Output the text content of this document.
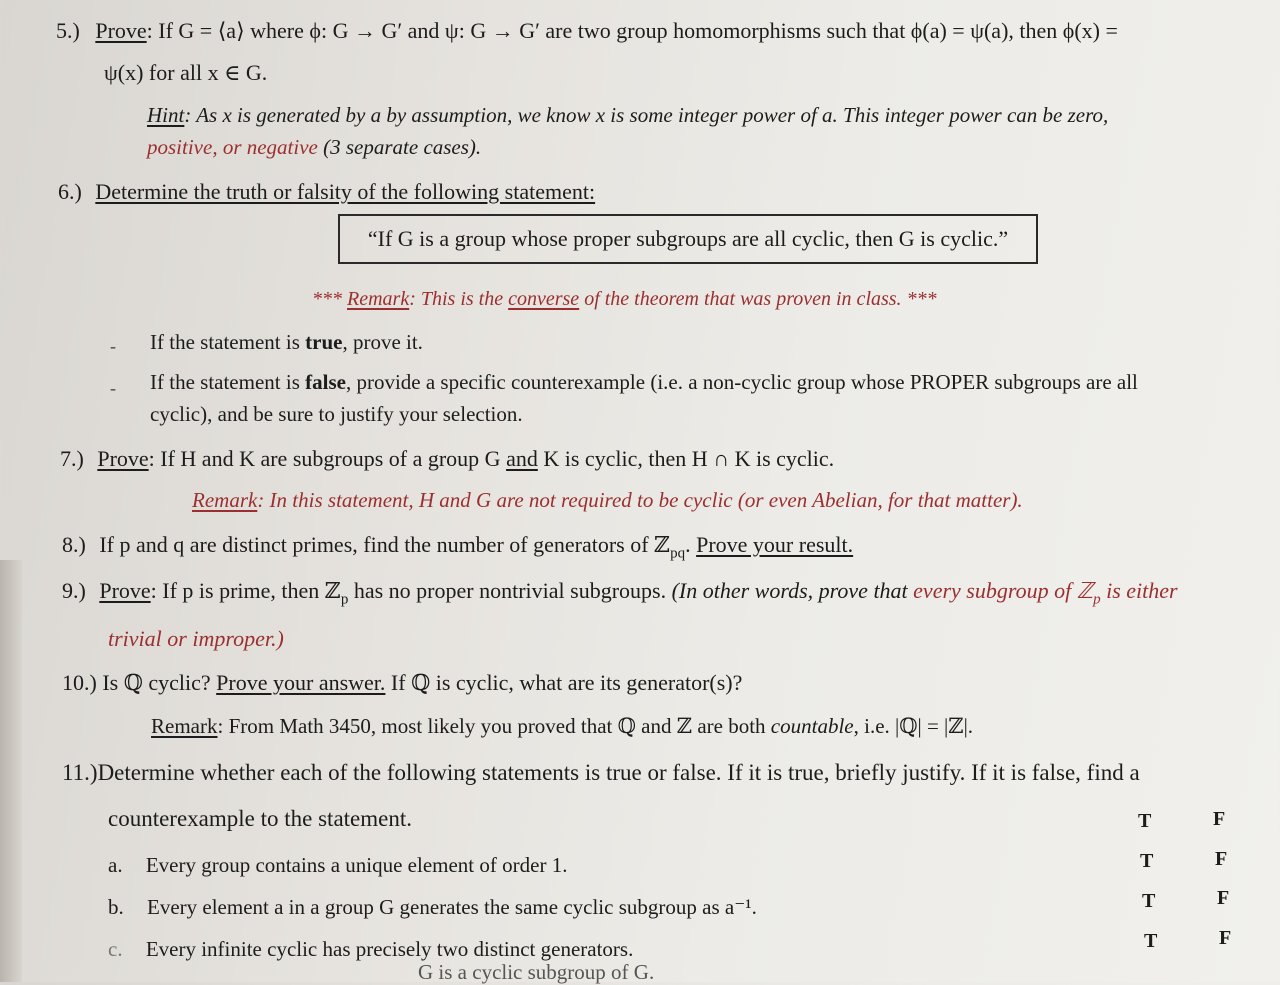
5.) Prove: If G = ⟨a⟩ where ϕ: G → G′ and ψ: G → G′ are two group homomorphisms such that ϕ(a) = ψ(a), then ϕ(x) =
ψ(x) for all x ∈ G.
Hint: As x is generated by a by assumption, we know x is some integer power of a. This integer power can be zero,
positive, or negative (3 separate cases).
6.) Determine the truth or falsity of the following statement:
“If G is a group whose proper subgroups are all cyclic, then G is cyclic.”
*** Remark: This is the converse of the theorem that was proven in class. ***
- If the statement is true, prove it.
- If the statement is false, provide a specific counterexample (i.e. a non-cyclic group whose PROPER subgroups are all
cyclic), and be sure to justify your selection.
7.) Prove: If H and K are subgroups of a group G and K is cyclic, then H ∩ K is cyclic.
Remark: In this statement, H and G are not required to be cyclic (or even Abelian, for that matter).
8.) If p and q are distinct primes, find the number of generators of ℤ$_{pq}$. Prove your result.
9.) Prove: If p is prime, then ℤ$_p$ has no proper nontrivial subgroups. (In other words, prove that every subgroup of ℤ$_p$ is either
trivial or improper.)
10.) Is ℚ cyclic? Prove your answer. If ℚ is cyclic, what are its generator(s)?
Remark: From Math 3450, most likely you proved that ℚ and ℤ are both countable, i.e. |ℚ| = |ℤ|.
11.)Determine whether each of the following statements is true or false. If it is true, briefly justify. If it is false, find a
counterexample to the statement.
a. Every group contains a unique element of order 1.
b. Every element a in a group G generates the same cyclic subgroup as a⁻¹.
c. Every infinite cyclic has precisely two distinct generators.
G is a cyclic subgroup of G.
T	F
T	F
T	F
T	F
